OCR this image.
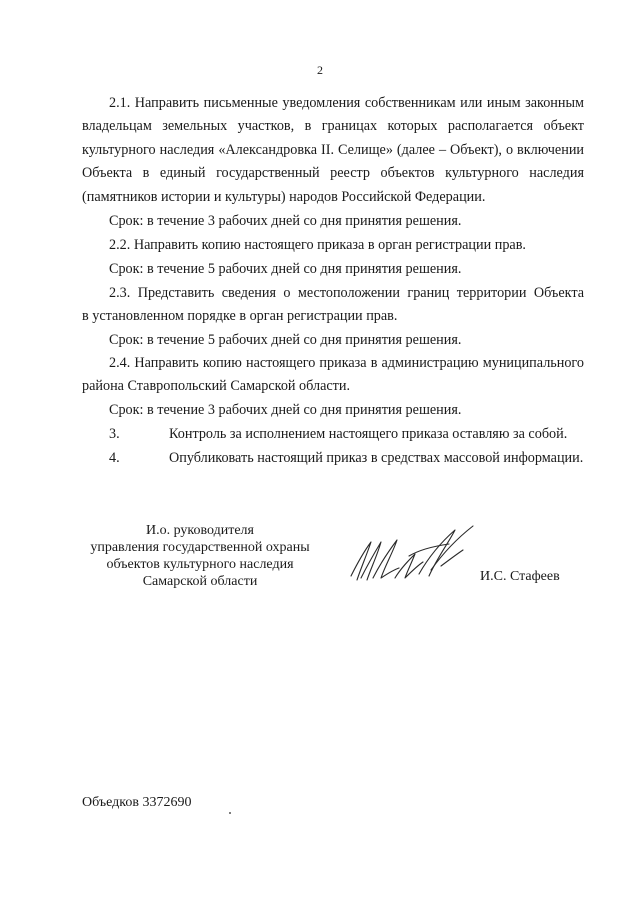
2
2.1. Направить письменные уведомления собственникам или иным законным
владельцам земельных участков, в границах которых располагается объект
культурного наследия «Александровка II. Селище» (далее – Объект), о включении
Объекта в единый государственный реестр объектов культурного наследия
(памятников истории и культуры) народов Российской Федерации.
Срок: в течение 3 рабочих дней со дня принятия решения.
2.2. Направить копию настоящего приказа в орган регистрации прав.
Срок: в течение 5 рабочих дней со дня принятия решения.
2.3. Представить сведения о местоположении границ территории Объекта
в установленном порядке в орган регистрации прав.
Срок: в течение 5 рабочих дней со дня принятия решения.
2.4. Направить копию настоящего приказа в администрацию муниципального
района Ставропольский Самарской области.
Срок: в течение 3 рабочих дней со дня принятия решения.
3.	Контроль за исполнением настоящего приказа оставляю за собой.
4.	Опубликовать настоящий приказ в средствах массовой информации.
И.о. руководителя
управления государственной охраны
объектов культурного наследия
Самарской области	И.С. Стафеев
Объедков 3372690
